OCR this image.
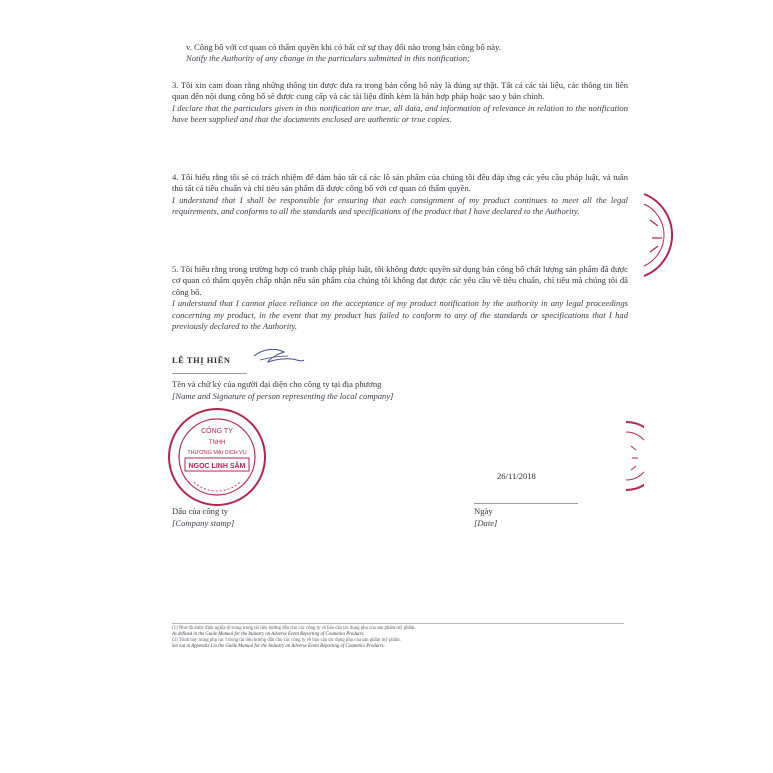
v. Công bố với cơ quan có thẩm quyền khi có bất cứ sự thay đổi nào trong bản công bố này.
Notify the Authority of any change in the particulars submitted in this notification;
3. Tôi xin cam đoan rằng những thông tin được đưa ra trong bản công bố này là đúng sự thật. Tất cả các tài liệu, các thông tin liên quan đến nội dung công bố sẽ được cung cấp và các tài liệu đính kèm là bản hợp pháp hoặc sao y bản chính.
I declare that the particulars given in this notification are true, all data, and information of relevance in relation to the notification have been supplied and that the documents enclosed are authentic or true copies.
4. Tôi hiểu rằng tôi sẽ có trách nhiệm để đảm bảo tất cả các lô sản phẩm của chúng tôi đều đáp ứng các yêu cầu pháp luật, và tuân thủ tất cả tiêu chuẩn và chỉ tiêu sản phẩm đã được công bố với cơ quan có thẩm quyền.
I understand that I shall be responsible for ensuring that each consignment of my product continues to meet all the legal requirements, and conforms to all the standards and specifications of the product that I have declared to the Authority.
5. Tôi hiểu rằng trong trường hợp có tranh chấp pháp luật, tôi không được quyền sử dụng bản công bố chất lượng sản phẩm đã được cơ quan có thẩm quyền chấp nhận nếu sản phẩm của chúng tôi không đạt được các yêu cầu về tiêu chuẩn, chỉ tiêu mà chúng tôi đã công bố.
I understand that I cannot place reliance on the acceptance of my product notification by the authority in any legal proceedings concerning my product, in the event that my product has failed to conform to any of the standards or specifications that I had previously declared to the Authority.
LÊ THỊ HIÊN
Tên và chữ ký của người đại diện cho công ty tại địa phương
[Name and Signature of person representing the local company]
CÔNG TY
TNHH
THƯƠNG MẠI DỊCH VỤ
NGỌC LINH SÂM
26/11/2018
Dấu của công ty
[Company stamp]
Ngày
[Date]
(1) Như đã được định nghĩa tổ trong trong tài liệu hướng dẫn cho các công ty về báo cáo tác dụng phụ của sản phẩm mỹ phẩm.
As defined in the Guide Manual for the Industry on Adverse Event Reporting of Cosmetics Products.
(2) Trình bày trong phụ lục I trong tài liệu hướng dẫn cho các công ty về báo cáo tác dụng phụ của sản phẩm mỹ phẩm.
Set out in Appendix I to the Guide Manual for the Industry on Adverse Event Reporting of Cosmetics Products.
